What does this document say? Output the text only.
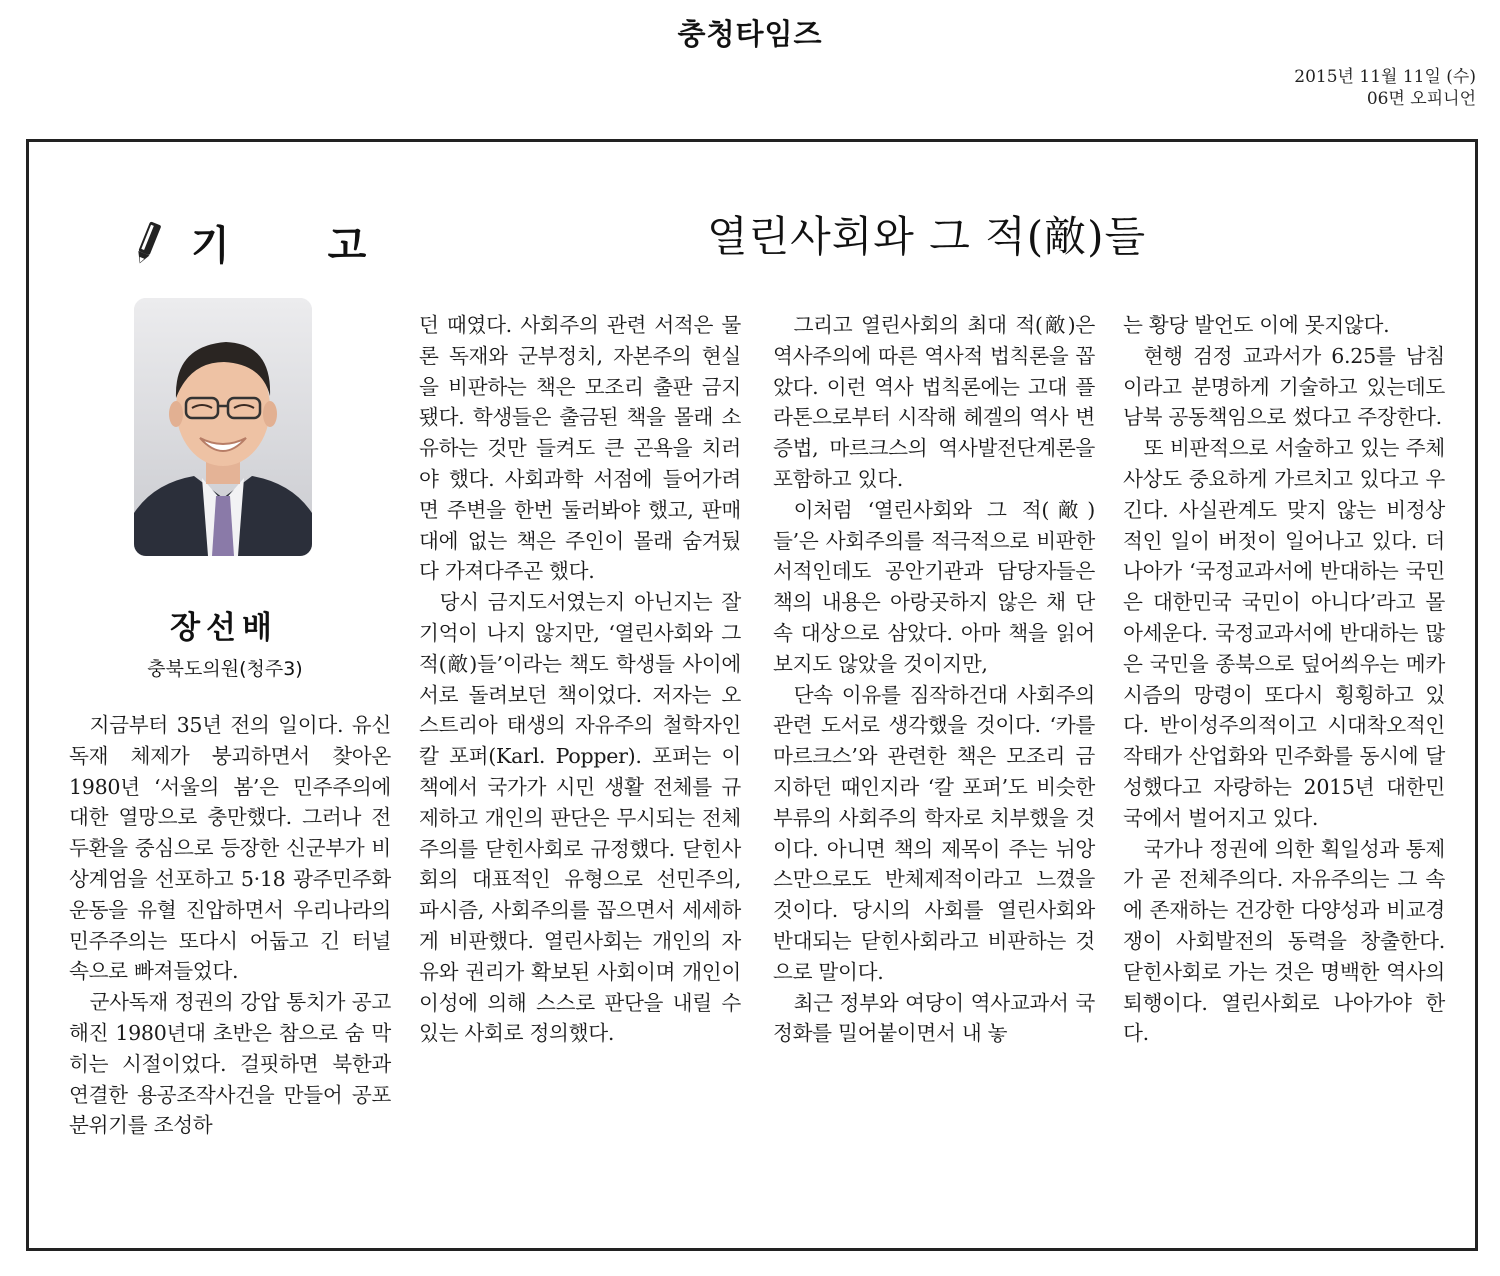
충청타임즈
2015년 11월 11일 (수)
06면 오피니언
기 고	열린사회와 그 적(敵)들
장선배
충북도의원(청주3)

지금부터 35년 전의 일이다. 유신독재 체제가 붕괴하면서 찾아온 1980년 ‘서울의 봄’은 민주주의에 대한 열망으로 충만했다. 그러나 전두환을 중심으로 등장한 신군부가 비상계엄을 선포하고 5·18 광주민주화운동을 유혈 진압하면서 우리나라의 민주주의는 또다시 어둡고 긴 터널 속으로 빠져들었다.

군사독재 정권의 강압 통치가 공고해진 1980년대 초반은 참으로 숨 막히는 시절이었다. 걸핏하면 북한과 연결한 용공조작사건을 만들어 공포분위기를 조성하

던 때였다. 사회주의 관련 서적은 물론 독재와 군부정치, 자본주의 현실을 비판하는 책은 모조리 출판 금지됐다. 학생들은 출금된 책을 몰래 소유하는 것만 들켜도 큰 곤욕을 치러야 했다. 사회과학 서점에 들어가려면 주변을 한번 둘러봐야 했고, 판매대에 없는 책은 주인이 몰래 숨겨뒀다 가져다주곤 했다.

당시 금지도서였는지 아닌지는 잘 기억이 나지 않지만, ‘열린사회와 그 적(敵)들’이라는 책도 학생들 사이에 서로 돌려보던 책이었다. 저자는 오스트리아 태생의 자유주의 철학자인 칼 포퍼(Karl. Popper). 포퍼는 이 책에서 국가가 시민 생활 전체를 규제하고 개인의 판단은 무시되는 전체주의를 닫힌사회로 규정했다. 닫힌사회의 대표적인 유형으로 선민주의, 파시즘, 사회주의를 꼽으면서 세세하게 비판했다. 열린사회는 개인의 자유와 권리가 확보된 사회이며 개인이 이성에 의해 스스로 판단을 내릴 수 있는 사회로 정의했다.

그리고 열린사회의 최대 적(敵)은 역사주의에 따른 역사적 법칙론을 꼽았다. 이런 역사 법칙론에는 고대 플라톤으로부터 시작해 헤겔의 역사 변증법, 마르크스의 역사발전단계론을 포함하고 있다.

이처럼 ‘열린사회와 그 적(敵)들’은 사회주의를 적극적으로 비판한 서적인데도 공안기관과 담당자들은 책의 내용은 아랑곳하지 않은 채 단속 대상으로 삼았다. 아마 책을 읽어보지도 않았을 것이지만,

단속 이유를 짐작하건대 사회주의 관련 도서로 생각했을 것이다. ‘카를 마르크스’와 관련한 책은 모조리 금지하던 때인지라 ‘칼 포퍼’도 비슷한 부류의 사회주의 학자로 치부했을 것이다. 아니면 책의 제목이 주는 뉘앙스만으로도 반체제적이라고 느꼈을 것이다. 당시의 사회를 열린사회와 반대되는 닫힌사회라고 비판하는 것으로 말이다.

최근 정부와 여당이 역사교과서 국정화를 밀어붙이면서 내 놓

는 황당 발언도 이에 못지않다.

현행 검정 교과서가 6.25를 남침이라고 분명하게 기술하고 있는데도 남북 공동책임으로 썼다고 주장한다.

또 비판적으로 서술하고 있는 주체사상도 중요하게 가르치고 있다고 우긴다. 사실관계도 맞지 않는 비정상적인 일이 버젓이 일어나고 있다. 더 나아가 ‘국정교과서에 반대하는 국민은 대한민국 국민이 아니다’라고 몰아세운다. 국정교과서에 반대하는 많은 국민을 종북으로 덮어씌우는 메카시즘의 망령이 또다시 횡횡하고 있다. 반이성주의적이고 시대착오적인 작태가 산업화와 민주화를 동시에 달성했다고 자랑하는 2015년 대한민국에서 벌어지고 있다.

국가나 정권에 의한 획일성과 통제가 곧 전체주의다. 자유주의는 그 속에 존재하는 건강한 다양성과 비교경쟁이 사회발전의 동력을 창출한다. 닫힌사회로 가는 것은 명백한 역사의 퇴행이다. 열린사회로 나아가야 한다.
